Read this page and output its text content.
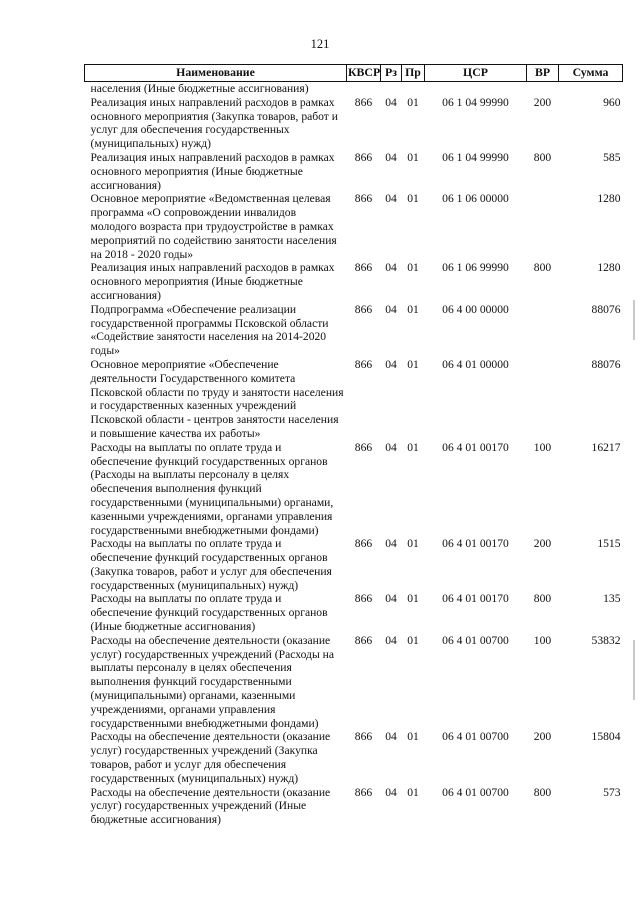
121
Наименование	КВСР	Рз	Пр	ЦСР	ВР	Сумма
населения (Иные бюджетные ассигнования)						
Реализация иных направлений расходов в рамках основного мероприятия (Закупка товаров, работ и услуг для обеспечения государственных (муниципальных) нужд)	866	04	01	06 1 04 99990	200	960
Реализация иных направлений расходов в рамках основного мероприятия (Иные бюджетные ассигнования)	866	04	01	06 1 04 99990	800	585
Основное мероприятие «Ведомственная целевая программа «О сопровождении инвалидов молодого возраста при трудоустройстве в рамках мероприятий по содействию занятости населения на 2018 - 2020 годы»	866	04	01	06 1 06 00000		1280
Реализация иных направлений расходов в рамках основного мероприятия (Иные бюджетные ассигнования)	866	04	01	06 1 06 99990	800	1280
Подпрограмма «Обеспечение реализации государственной программы Псковской области «Содействие занятости населения на 2014-2020 годы»	866	04	01	06 4 00 00000		88076
Основное мероприятие «Обеспечение деятельности Государственного комитета Псковской области по труду и занятости населения и государственных казенных учреждений Псковской области - центров занятости населения и повышение качества их работы»	866	04	01	06 4 01 00000		88076
Расходы на выплаты по оплате труда и обеспечение функций государственных органов (Расходы на выплаты персоналу в целях обеспечения выполнения функций государственными (муниципальными) органами, казенными учреждениями, органами управления государственными внебюджетными фондами)	866	04	01	06 4 01 00170	100	16217
Расходы на выплаты по оплате труда и обеспечение функций государственных органов (Закупка товаров, работ и услуг для обеспечения государственных (муниципальных) нужд)	866	04	01	06 4 01 00170	200	1515
Расходы на выплаты по оплате труда и обеспечение функций государственных органов (Иные бюджетные ассигнования)	866	04	01	06 4 01 00170	800	135
Расходы на обеспечение деятельности (оказание услуг) государственных учреждений (Расходы на выплаты персоналу в целях обеспечения выполнения функций государственными (муниципальными) органами, казенными учреждениями, органами управления государственными внебюджетными фондами)	866	04	01	06 4 01 00700	100	53832
Расходы на обеспечение деятельности (оказание услуг) государственных учреждений (Закупка товаров, работ и услуг для обеспечения государственных (муниципальных) нужд)	866	04	01	06 4 01 00700	200	15804
Расходы на обеспечение деятельности (оказание услуг) государственных учреждений (Иные бюджетные ассигнования)	866	04	01	06 4 01 00700	800	573
